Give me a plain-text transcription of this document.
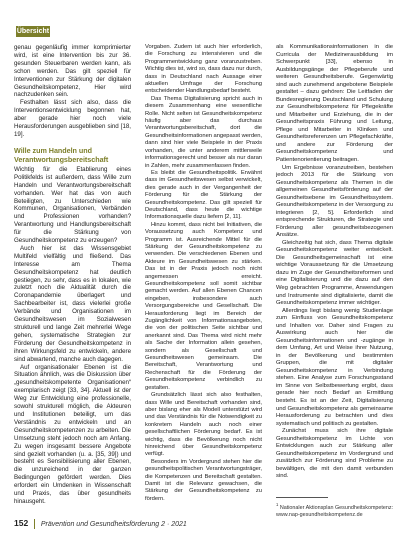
Übersicht

genau gegenläufig immer komprimierter wird, ist eine Intervention bis zur 36. gesunden Steuerbaren werden kann, als schon werden. Das gilt speziell für Interventionen zur Stärkung der digitalen Gesundheitskompetenz, Hier wird nachzudenken sein.

Festhalten lässt sich also, dass die Interventionsentwicklung begonnen hat, aber gerade hier noch viele Herausforderungen ausgeblieben sind [18, 19].

Wille zum Handeln und Verantwortungsbereitschaft

Wichtig für die Etablierung eines Politikfelds ist außerdem, dass Wille zum Handeln und Verantwortungsbereitschaft vorhanden. Wer hat das von auch Beteiligten, zu Unterschieden wie Kommunen, Organisationen, Verbänden und Professionen vorhanden? Verantwortung und Handlungsbereitschaft für die Stärkung von Gesundheitskompetenz zu erzeugen?

Auch hier ist das Wissensgebiet Multifeld vielfältig und fließend. Das Interesse am Thema Gesundheitskompetenz hat deutlich gestiegen, zu sehr, dass es in lokalen, wie zuletzt noch die Aktualität durch die Coronapandemie überlagert und Sachbearbeiter ist, dass vielerlei große Verbände und Organisationen im Gesundheitswesen im Sozialwesen strukturell und lange Zeit mehrerlei Wege gehen, systematische Strategien zur Förderung der Gesundheitskompetenz in ihren Wirkungsfeld zu entwickeln, andere sind abwartend, manche auch dagegen.

Auf organisationaler Ebenen ist die Situation ähnlich, was die Diskussion über „gesundheitskompetente Organisationen“ exemplarisch zeigt [33, 34]. Aktuell ist der Weg zur Entwicklung eine professionelle, sowohl strukturell möglich, die Akteuren und Institutionen beteiligt, um das Verständnis zu entwickeln und an Gesundheitskompetenzen zu arbeiten. Die Umsetzung steht jedoch noch am Anfang. Zu wegen insgesamt bessere Angebote sind gezielt vorhanden (u. a. [35, 39]) und besteht es Sensibilisierung aller Ebenen, die unzureichend in der ganzen Bedingungen gefördert werden. Dies erfordert ein Umdenken in Wissenschaft und Praxis, das über gesundheits hinausgeht.

Vorgaben. Zudem ist auch hier erforderlich, die Forschung zu intensivieren und die Programmentwicklung ganz voranzustreben. Wichtig dies ist, wird so, dass dazu nur durch, dass in Deutschland nach Aussage einer aktuellen Umfrage der Forschung entscheidender Handlungsbedarf besteht.

Das Thema Digitalisierung spricht auch in diesem Zusammenhang eine wesentliche Rolle. Nicht selten ist Gesundheitskompetenz häufig aber das durchaus Verantwortungsbereitschaft, dort die Gesundheitsinformationen angepasst werden, dann sind hier viele Beispiele in der Praxis vorhanden, die unter anderem mittlerweile informationsgerecht und besser als nur daran in Zahlen, mehr zusammenfassen finden.

Es bleibt die Gesundheitspolitik. Erwähnt dass im Gesundheitswesen selbst verwickelt, dies gerade auch in der Vergangenheit der Förderung für die Stärkung der Gesundheitskompetenz. Das gilt speziell für Deutschland, dass heute die wichtige Informationsquelle dazu liefern [2, 11].

Hinzu kommt, dass nicht bei Initiativen, die Voraussetzung auch Kompetenz und Programm ist. Ausreichende Mittel für die Stärkung der Gesundheitskompetenz zu verwenden. Die verschiedenen Ebenen und Akteure im Gesundheitswesen zu stärken. Das ist in der Praxis jedoch noch nicht angemessen erreicht. Gesundheitskompetenz soll somit sichtbar gemacht werden. Auf allen Ebenen Chancen eingeben, insbesondere auch Versorgungsbereiche und Gesellschaft. Die Herausforderung liegt im Bereich der Zugänglichkeit von Informationsangeboten, die von der politischen Seite sichtbar und anerkannt sind. Das Thema wird nicht mehr als Sache der Information allein gesehen, sondern als Gesellschaft und Gesundheitswesen gemeinsam. Die Bereitschaft, Verantwortung und Rechenschaft für die Förderung der Gesundheitskompetenz verbindlich zu gestalten.

Grundsätzlich lässt sich also festhalten, dass Wille und Bereitschaft vorhanden sind, aber bislang eher als Modell unterstützt wird und das Verständnis für die Notwendigkeit zu konkretem Handeln auch noch einer gesellschaftlichen Förderung bedarf. Es ist wichtig, dass die Bevölkerung noch nicht hinreichend über Gesundheitskompetenz verfügt.

Besonders im Vordergrund stehen hier die gesundheitspolitischen Verantwortungsträger, die Kompetenzen und Bereitschaft gestalten. Damit ist die Relevanz gewachsen, die Stärkung der Gesundheitskompetenz zu fördern.

als Kommunikationsinformationen in die Curricula der Medizinerausbildung im Schwerpunkt [33], ebenso in Ausbildungsgänge der Pflegeberufe und weiteren Gesundheitsberufe. Gegenwärtig sind auch zunehmend angebotene Beispiele gestaltet – dazu gehören: Die Leitfaden der Bundesregierung Deutschland und Schulung zur Gesundheitskompetenz für Pflegekräfte und Mitarbeiter und Erziehung, die in der Gesundheitspraxis Führung und Leitung, Pflege und Mitarbeiter in Kliniken und Gesundheitsreferenzen um Pflegefachkräfte, und andere zur Förderung der Gesundheitskompetenz und Patientenorientierung beitragen.

Um Ergebnisse voranzutreiben, bestehen jedoch 2013 für die Stärkung von Gesundheitskompetenz als Themen in die allgemeinen Gesundheitsförderung auf der Gesundheitsebene im Gesundheitssystem. Gesundheitskompetenz in der Versorgung zu integrieren [2, 5]. Erforderlich sind entsprechende Strukturen, die Strategie und Förderung aller gesundheitsbezogenen Ansätze.

Gleichzeitig hat sich, dass Thema digitale Gesundheitskompetenz weiter entwickelt. Die Gesundheitsgemeinschaft ist eine wichtige Voraussetzung für die Umsetzung dazu im Zuge der Gesundheitsreformen und eine Digitalisierung und die dazu auf den Weg gebrachten Programme, Anwendungen und Instrumente sind digitalisierte, damit die Gesundheitskompetenz immer wichtiger.

Allerdings liegt bislang wenig Studienlage zum Einfluss von Gesundheitskompetenz und Inhalten vor. Daher sind Fragen zu Auswirkung auch hier die Gesundheitsinformationen und -zugänge in dem Umfang, Art und Weise ihrer Nutzung, in der Bevölkerung und bestimmten Gruppen, die mit digitaler Gesundheitskompetenz in Verbindung stehen. Eine Analyse zum Forschungsstand im Sinne von Selbstbewertung ergibt, dass gerade hier noch Bedarf an Ermittlung besteht. Es ist an der Zeit, Digitalisierung und Gesundheitskompetenz als gemeinsame Herausforderung zu betrachten und dies systematisch und politisch zu gestalten.

Zunächst muss sich ihre digitale Gesundheitskompetenz im Lichte von Entwicklungen auch zur Stärkung aller Gesundheitskompetenz im Vordergrund und zusätzlich zur Förderung sind Probleme zu bewältigen, die mit den damit verbunden sind.

$^1$ Nationaler Aktionsplan Gesundheitskompetenz: www.nap-gesundheitskompetenz.de
152 Prävention und Gesundheitsförderung 2 · 2021
